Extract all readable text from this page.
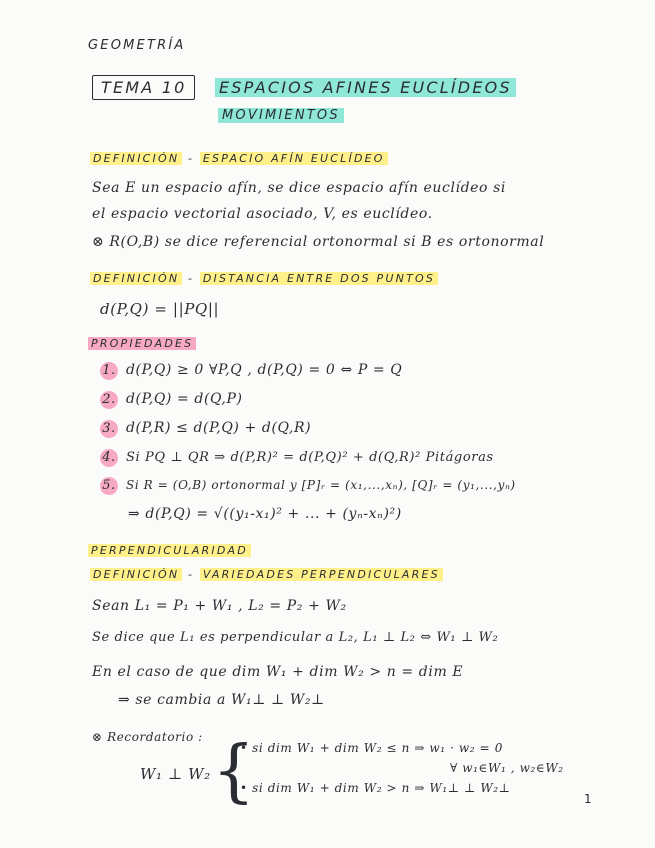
GEOMETRÍA
TEMA 10	ESPACIOS AFINES EUCLÍDEOS
MOVIMIENTOS
DEFINICIÓN - ESPACIO AFÍN EUCLÍDEO
Sea E un espacio afín, se dice espacio afín euclídeo si
el espacio vectorial asociado, V, es euclídeo.
⊗ R(O,B) se dice referencial ortonormal si B es ortonormal
DEFINICIÓN - DISTANCIA ENTRE DOS PUNTOS
d(P,Q) = ||PQ||
PROPIEDADES
1. d(P,Q) ≥ 0 ∀P,Q , d(P,Q) = 0 ⇔ P = Q
2. d(P,Q) = d(Q,P)
3. d(P,R) ≤ d(P,Q) + d(Q,R)
4. Si PQ ⊥ QR ⇒ d(P,R)² = d(P,Q)² + d(Q,R)² Pitágoras
5. Si R = (O,B) ortonormal y [P]ᵣ = (x₁,...,xₙ), [Q]ᵣ = (y₁,...,yₙ)
⇒ d(P,Q) = √((y₁-x₁)² + ... + (yₙ-xₙ)²)
PERPENDICULARIDAD
DEFINICIÓN - VARIEDADES PERPENDICULARES
Sean L₁ = P₁ + W₁ , L₂ = P₂ + W₂
Se dice que L₁ es perpendicular a L₂, L₁ ⊥ L₂ ⇔ W₁ ⊥ W₂
En el caso de que dim W₁ + dim W₂ > n = dim E
⇒ se cambia a W₁⊥ ⊥ W₂⊥
⊗ Recordatorio :
W₁ ⊥ W₂ {
• si dim W₁ + dim W₂ ≤ n ⇒ w₁ · w₂ = 0
∀ w₁∈W₁ , w₂∈W₂
• si dim W₁ + dim W₂ > n ⇒ W₁⊥ ⊥ W₂⊥
1
